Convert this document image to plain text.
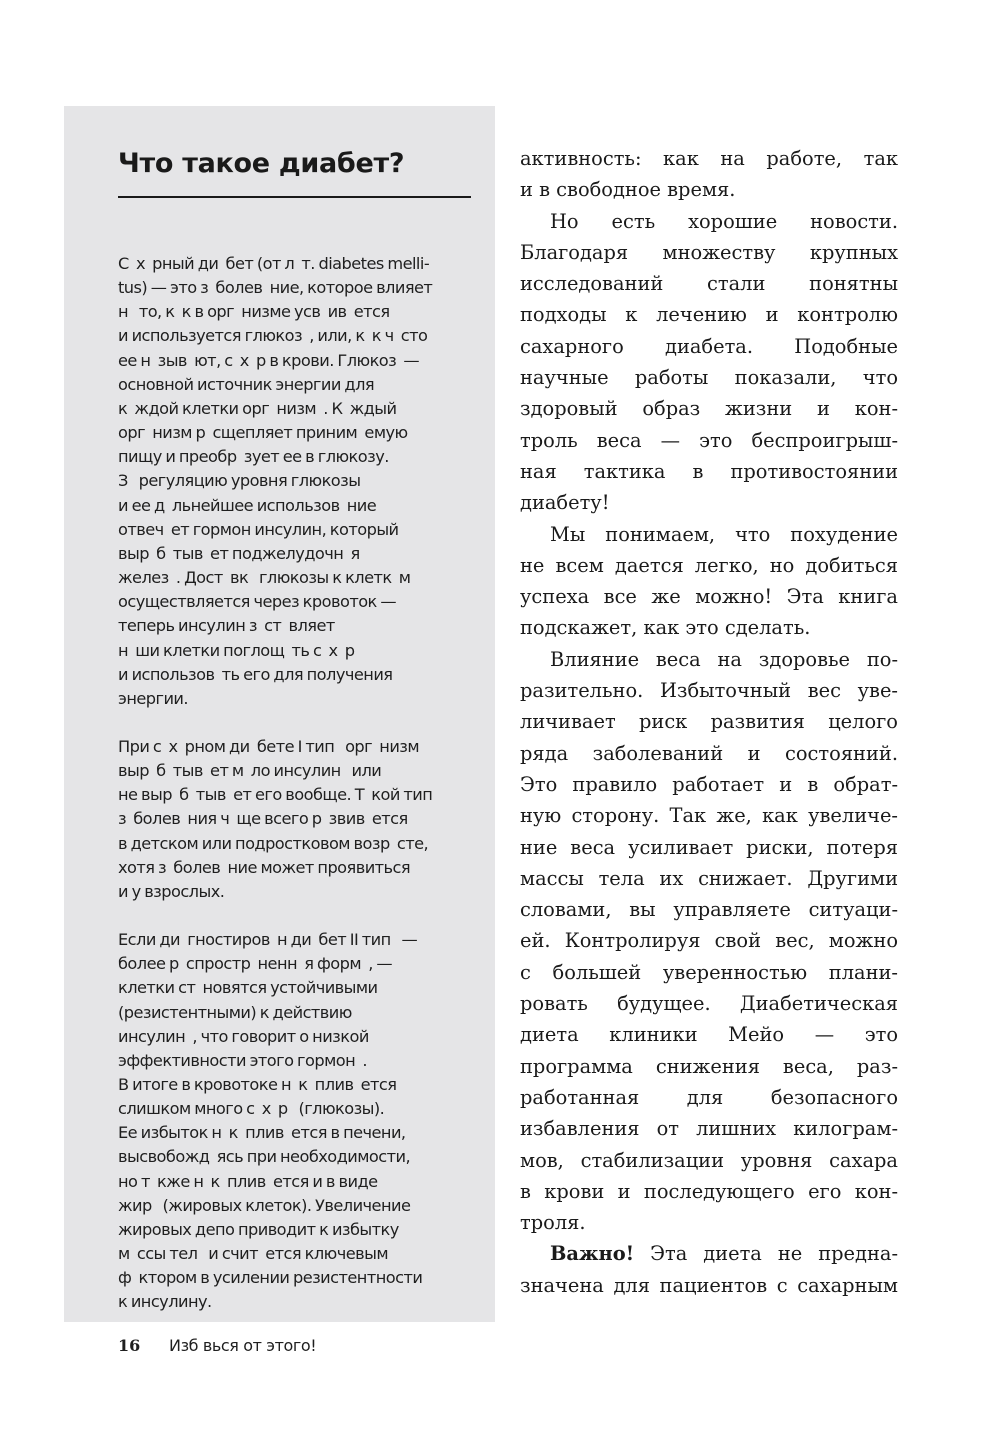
Что такое диабет?

С  х  рный ди  бет (от л  т. diabetes melli-
tus) — это з  болев  ние, которое влияет
н   то, к  к в орг  низме усв  ив  ется
и используется глюкоз  , или, к  к ч  сто
ее н  зыв  ют, с  х  р в крови. Глюкоз  —
основной источник энергии для
к  ждой клетки орг  низм  . К  ждый
орг  низм р  сщепляет приним  емую
пищу и преобр  зует ее в глюкозу.
З   регуляцию уровня глюкозы
и ее д  льнейшее использов  ние
отвеч  ет гормон инсулин, который
выр  б  тыв  ет поджелудочн  я
желез  . Дост  вк   глюкозы к клетк  м
осуществляется через кровоток —
теперь инсулин з  ст  вляет
н  ши клетки поглощ  ть с  х  р
и использов  ть его для получения
энергии.

При с  х  рном ди  бете I тип   орг  низм
выр  б  тыв  ет м  ло инсулин   или
не выр  б  тыв  ет его вообще. Т  кой тип
з  болев  ния ч  ще всего р  звив  ется
в детском или подростковом возр  сте,
хотя з  болев  ние может проявиться
и у взрослых.

Если ди  гностиров  н ди  бет II тип   —
более р  спростр  ненн  я форм  , —
клетки ст  новятся устойчивыми
(резистентными) к действию
инсулин  , что говорит о низкой
эффективности этого гормон  .
В итоге в кровотоке н  к  плив  ется
слишком много с  х  р   (глюкозы).
Ее избыток н  к  плив  ется в печени,
высвобожд  ясь при необходимости,
но т  кже н  к  плив  ется и в виде
жир   (жировых клеток). Увеличение
жировых депо приводит к избытку
м  ссы тел   и счит  ется ключевым
ф  ктором в усилении резистентности
к инсулину.

активность: как на работе, так
и в свободное время.

Но есть хорошие новости.
Благодаря множеству крупных
исследований стали понятны
подходы к лечению и контролю
сахарного диабета. Подобные
научные работы показали, что
здоровый образ жизни и кон-
троль веса — это беспроигрыш-
ная тактика в противостоянии
диабету!

Мы понимаем, что похудение
не всем дается легко, но добиться
успеха все же можно! Эта книга
подскажет, как это сделать.

Влияние веса на здоровье по-
разительно. Избыточный вес уве-
личивает риск развития целого
ряда заболеваний и состояний.
Это правило работает и в обрат-
ную сторону. Так же, как увеличе-
ние веса усиливает риски, потеря
массы тела их снижает. Другими
словами, вы управляете ситуаци-
ей. Контролируя свой вес, можно
с большей уверенностью плани-
ровать будущее. Диабетическая
диета клиники Мейо — это
программа снижения веса, раз-
работанная для безопасного
избавления от лишних килограм-
мов, стабилизации уровня сахара
в крови и последующего его кон-
троля.

Важно! Эта диета не предна-
значена для пациентов с сахарным

16 Изб вься от этого!
